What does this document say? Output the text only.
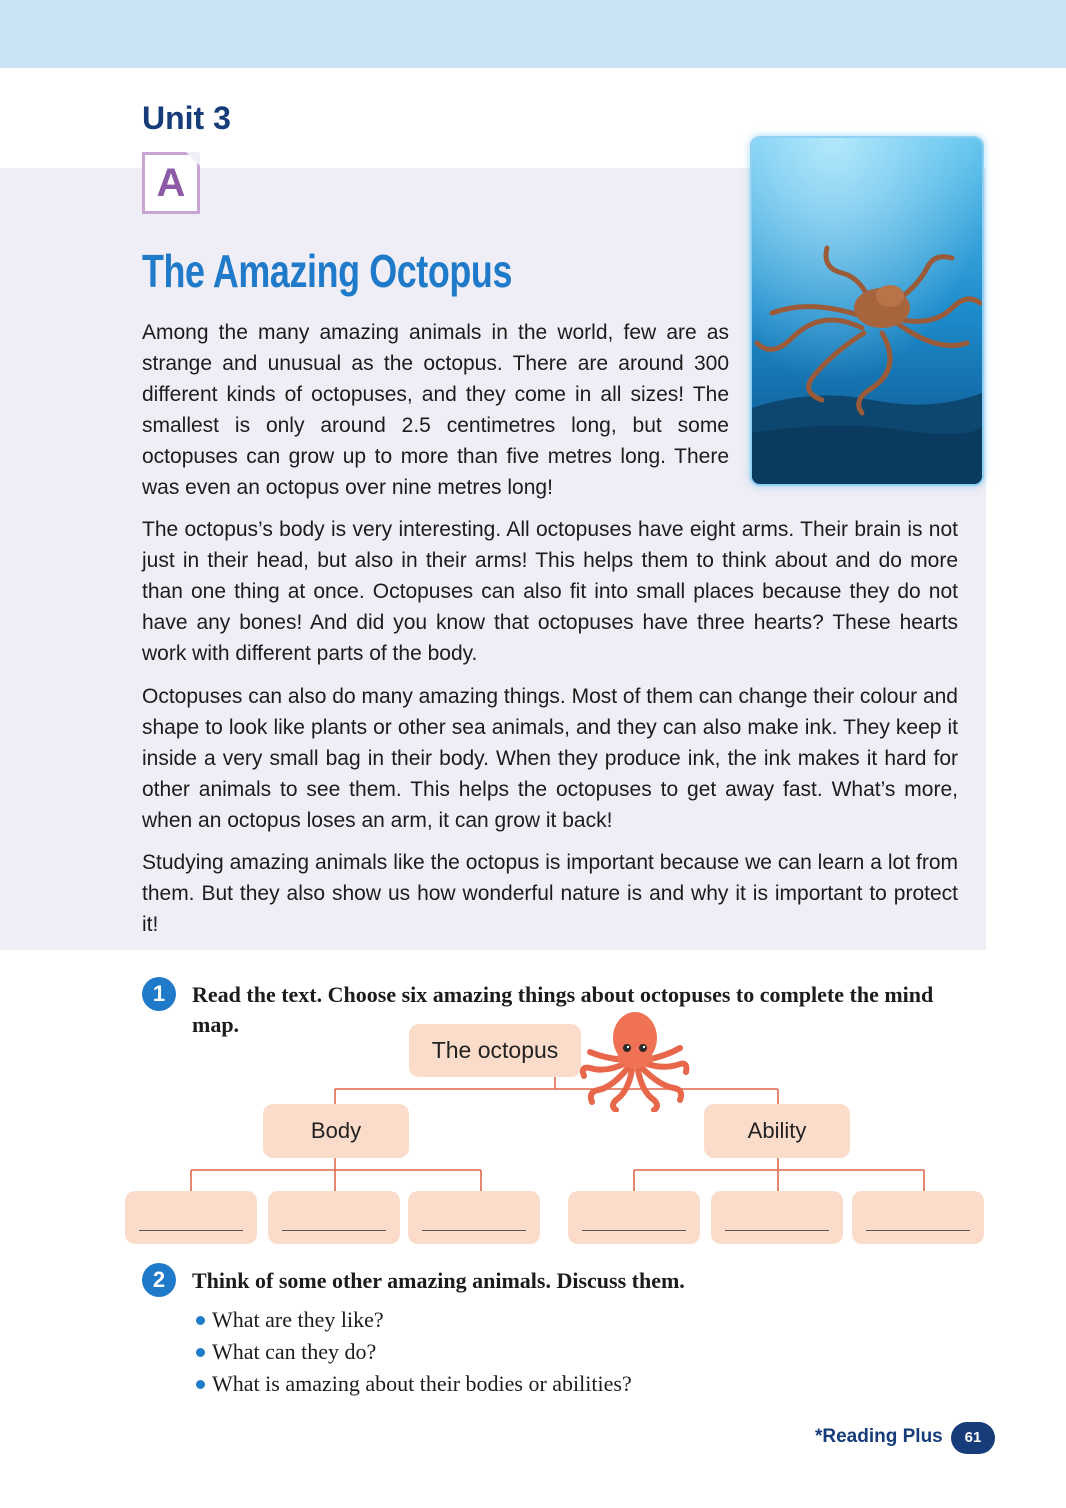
Unit 3
A
The Amazing Octopus

Among the many amazing animals in the world, few are as strange and unusual as the octopus. There are around 300 different kinds of octopuses, and they come in all sizes! The smallest is only around 2.5 centimetres long, but some octopuses can grow up to more than five metres long. There was even an octopus over nine metres long!

The octopus’s body is very interesting. All octopuses have eight arms. Their brain is not just in their head, but also in their arms! This helps them to think about and do more than one thing at once. Octopuses can also fit into small places because they do not have any bones! And did you know that octopuses have three hearts? These hearts work with different parts of the body.

Octopuses can also do many amazing things. Most of them can change their colour and shape to look like plants or other sea animals, and they can also make ink. They keep it inside a very small bag in their body. When they produce ink, the ink makes it hard for other animals to see them. This helps the octopuses to get away fast. What’s more, when an octopus loses an arm, it can grow it back!

Studying amazing animals like the octopus is important because we can learn a lot from them. But they also show us how wonderful nature is and why it is important to protect it!

1	Read the text. Choose six amazing things about octopuses to complete the mind map.

The octopus
Body	Ability
2	Think of some other amazing animals. Discuss them.

What are they like?
What can they do?
What is amazing about their bodies or abilities?
*Reading Plus	61
